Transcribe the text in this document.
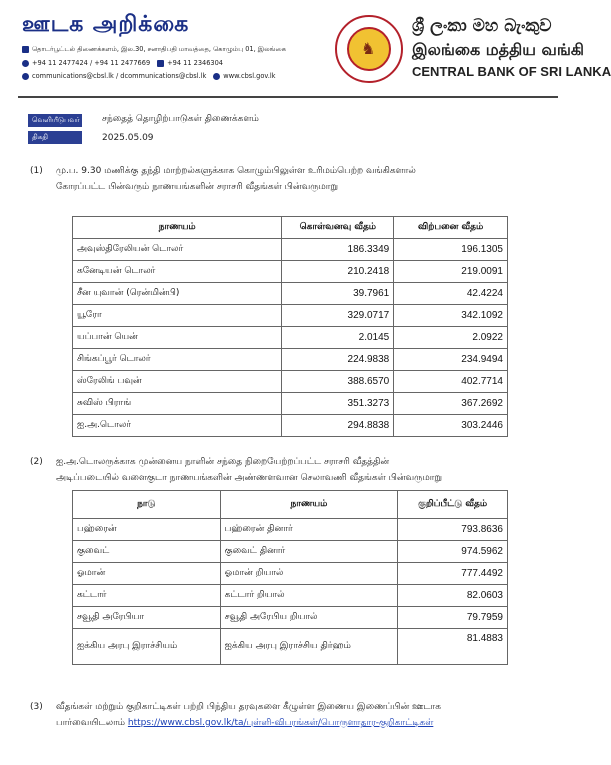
ஊடக அறிக்கை
தொடர்பூட்டல் திணைக்களம், இல.30, சனாதிபதி மாவத்தை, கொழும்பு 01, இலங்கை
+94 11 2477424 / +94 11 2477669	+94 11 2346304
communications@cbsl.lk / dcommunications@cbsl.lk	www.cbsl.gov.lk
♞
ශ්‍රී ලංකා මහ බැංකුව
இலங்கை மத்திய வங்கி
CENTRAL BANK OF SRI LANKA
வெளியீடுபவர் சந்தைத் தொழிற்பாடுகள் திணைக்களம்
திகதி	2025.05.09
(1) மு.ப. 9.30 மணிக்கு தந்தி மாற்றல்களுக்காக கொழும்பிலுள்ள உரிமம்பெற்ற வங்கிகளால்
கோரப்பட்ட பின்வரும் நாணயங்களின் சராசரி வீதங்கள் பின்வருமாறு
நாணயம்	கொள்வனவு வீதம்	விற்பனை வீதம்
அவுஸ்திரேலியன் டொலர்	186.3349	196.1305
கனேடியன் டொலர்	210.2418	219.0091
சீன யுவான் (ரென்மின்பி)	39.7961	42.4224
யூரோ	329.0717	342.1092
யப்பான் யென்	2.0145	2.0922
சிங்கப்பூர் டொலர்	224.9838	234.9494
ஸ்ரேலிங் பவுன்	388.6570	402.7714
சுவிஸ் பிராங்	351.3273	367.2692
ஐ.அ.டொலர்	294.8838	303.2446
(2) ஐ.அ.டொலருக்காக முன்னைய நாளின் சந்தை நிறையேற்றப்பட்ட சராசரி வீதத்தின்
அடிப்படையில் வளைகுடா நாணயங்களின் அண்ணளவான செலாவணி வீதங்கள் பின்வருமாறு
நாடு	நாணயம்	குறிப்பீட்டு வீதம்
பஹ்ரைன்	பஹ்ரைன் தினார்	793.8636
குவைட்	குவைட் தினார்	974.5962
ஓமான்	ஓமான் றியால்	777.4492
கட்டார்	கட்டார் றியால்	82.0603
சவூதி அரேபியா	சவூதி அரேபிய றியால்	79.7959
ஐக்கிய அரபு இராச்சியம்	ஐக்கிய அரபு இராச்சிய திர்ஹம்	81.4883
(3) வீதங்கள் மற்றும் குறிகாட்டிகள் பற்றி பிந்திய தரவுகளை கீழுள்ள இணைய இணைப்பின் ஊடாக
பார்வையிடலாம் https://www.cbsl.gov.lk/ta/புள்ளி-விபரங்கள்/பொருளாதார-குறிகாட்டிகள்
